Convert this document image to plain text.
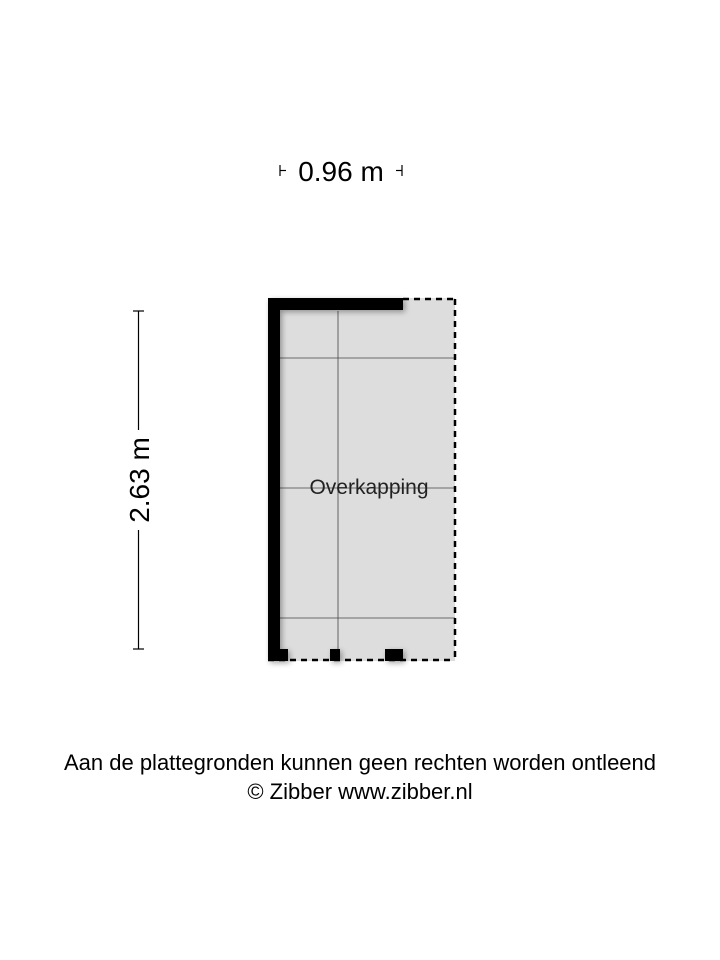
0.96 m
2.63 m	Overkapping
Aan de plattegronden kunnen geen rechten worden ontleend
© Zibber www.zibber.nl
